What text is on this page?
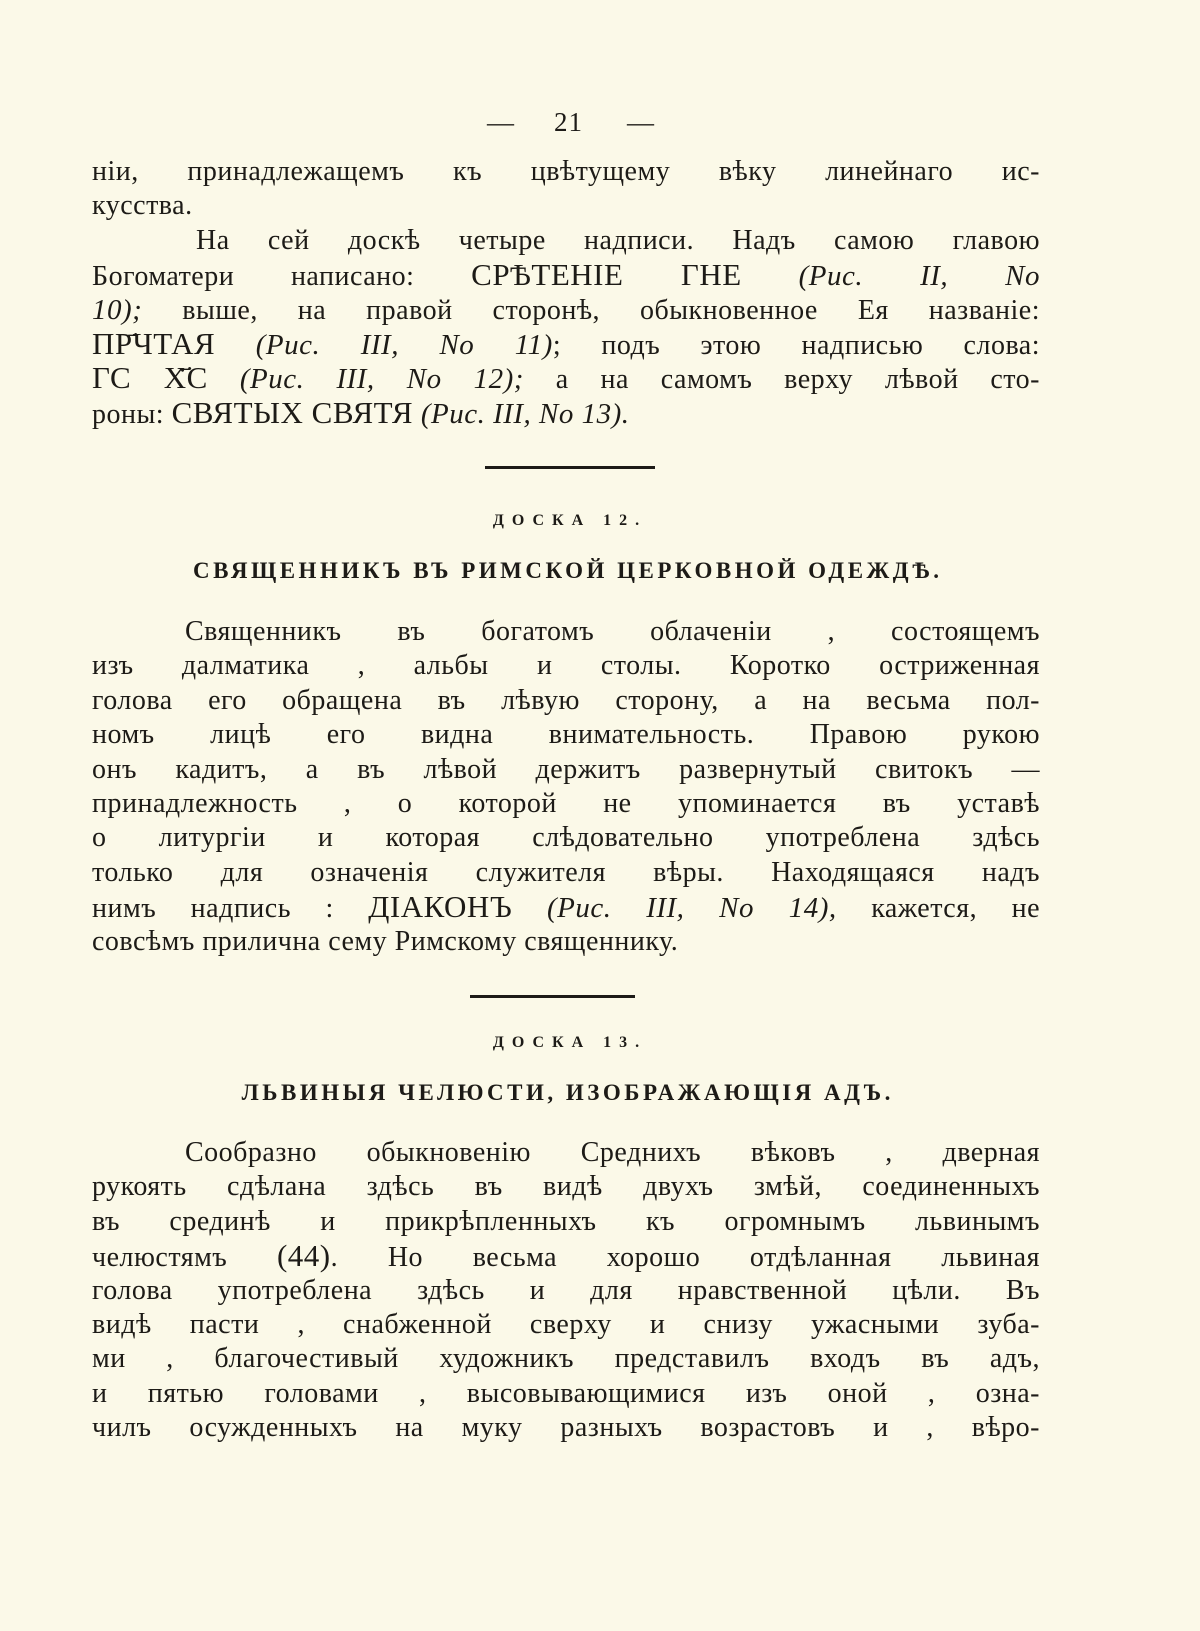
— 21 —
ніи, принадлежащемъ къ цвѣтущему вѣку линейнаго ис-
кусства.
На сей доскѣ четыре надписи. Надъ самою главою
Богоматери написано: СРѢТЕНІЕ ГНЕ (Рис. II, No
10); выше, на правой сторонѣ, обыкновенное Ея названіе:
ПР҃ЧТАЯ (Рис. III, No 11); подъ этою надписью слова:
ГС Х҃С (Рис. III, No 12); а на самомъ верху лѣвой сто-
роны: СВЯТЫХ СВЯТЯ (Рис. III, No 13).
ДОСКА 12.
СВЯЩЕННИКЪ ВЪ РИМСКОЙ ЦЕРКОВНОЙ ОДЕЖДѢ.
Священникъ въ богатомъ облаченіи , состоящемъ
изъ далматика , альбы и столы. Коротко остриженная
голова его обращена въ лѣвую сторону, а на весьма пол-
номъ лицѣ его видна внимательность. Правою рукою
онъ кадитъ, а въ лѣвой держитъ развернутый свитокъ —
принадлежность , о которой не упоминается въ уставѣ
о литургіи и которая слѣдовательно употреблена здѣсь
только для означенія служителя вѣры. Находящаяся надъ
нимъ надпись : ДІАКОНЪ (Рис. III, No 14), кажется, не
совсѣмъ прилична сему Римскому священнику.
ДОСКА 13.
ЛЬВИНЫЯ ЧЕЛЮСТИ, ИЗОБРАЖАЮЩІЯ АДЪ.
Сообразно обыкновенію Среднихъ вѣковъ , дверная
рукоять сдѣлана здѣсь въ видѣ двухъ змѣй, соединенныхъ
въ срединѣ и прикрѣпленныхъ къ огромнымъ львинымъ
челюстямъ (44). Но весьма хорошо отдѣланная львиная
голова употреблена здѣсь и для нравственной цѣли. Въ
видѣ пасти , снабженной сверху и снизу ужасными зуба-
ми , благочестивый художникъ представилъ входъ въ адъ,
и пятью головами , высовывающимися изъ оной , озна-
чилъ осужденныхъ на муку разныхъ возрастовъ и , вѣро-
